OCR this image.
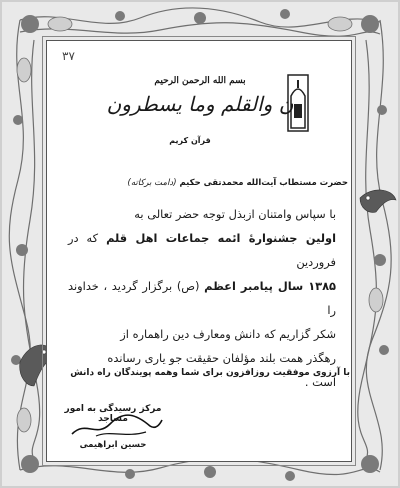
٣٧
بسم الله الرحمن الرحيم
ن والقلم وما يسطرون
قرآن کریم
حضرت مستطاب آیت‌الله محمدتقی حکیم (دامت برکاته)

با سپاس وامتنان ازبذل توجه حضر تعالی به

اولین جشنوارهٔ ائمه جماعات اهل قلم که در فروردین

۱۳۸۵ سال پیامبر اعظم (ص) برگزار گردید ، خداوند را

شکر گزاریم که دانش ومعارف دین راهماره از

رهگذر همت بلند مؤلفان حقیقت جو یاری رسانده

است .

با آرزوی موفقیت روزافزون برای شما وهمه پویندگان راه دانش
مرکز رسیدگی به امور مساجد
حسین ابراهیمی
